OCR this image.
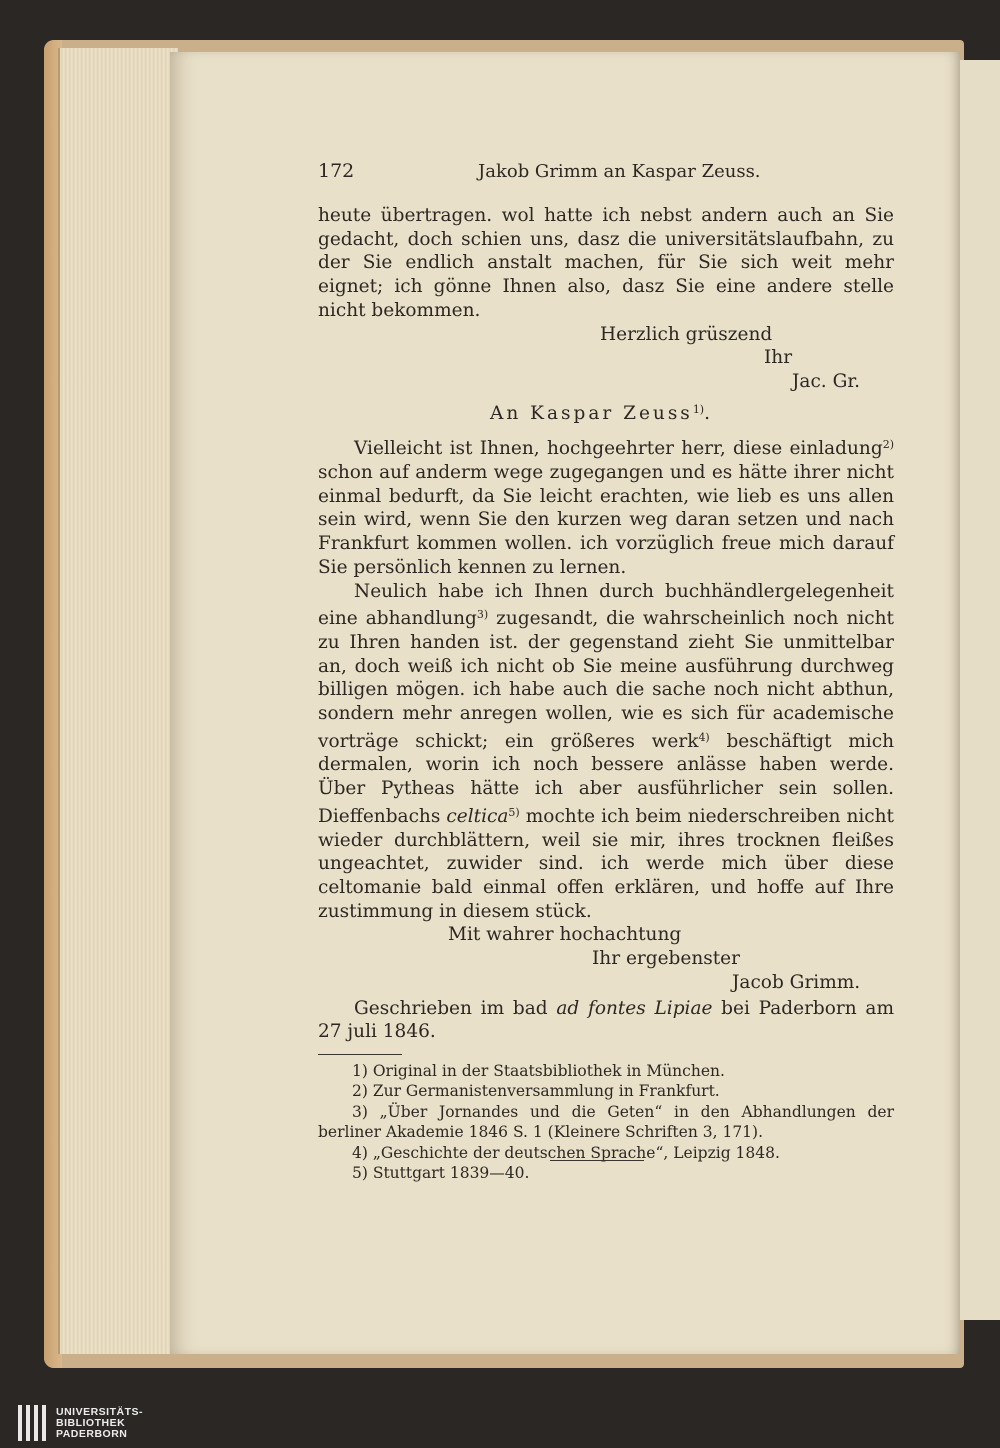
172	Jakob Grimm an Kaspar Zeuss.

heute übertragen. wol hatte ich nebst andern auch an Sie gedacht, doch schien uns, dasz die universitätslaufbahn, zu der Sie endlich anstalt machen, für Sie sich weit mehr eignet; ich gönne Ihnen also, dasz Sie eine andere stelle nicht bekommen.

Herzlich grüszend

Ihr

Jac. Gr.

An Kaspar Zeuss$^{1)}$.

Vielleicht ist Ihnen, hochgeehrter herr, diese einladung$^{2)}$ schon auf anderm wege zugegangen und es hätte ihrer nicht einmal bedurft, da Sie leicht erachten, wie lieb es uns allen sein wird, wenn Sie den kurzen weg daran setzen und nach Frankfurt kommen wollen. ich vorzüglich freue mich darauf Sie persönlich kennen zu lernen.

Neulich habe ich Ihnen durch buchhändlergelegenheit eine abhandlung$^{3)}$ zugesandt, die wahrscheinlich noch nicht zu Ihren handen ist. der gegenstand zieht Sie unmittelbar an, doch weiß ich nicht ob Sie meine ausführung durchweg billigen mögen. ich habe auch die sache noch nicht abthun, sondern mehr anregen wollen, wie es sich für academische vorträge schickt; ein größeres werk$^{4)}$ beschäftigt mich dermalen, worin ich noch bessere anlässe haben werde. Über Pytheas hätte ich aber ausführlicher sein sollen. Dieffenbachs celtica$^{5)}$ mochte ich beim niederschreiben nicht wieder durchblättern, weil sie mir, ihres trocknen fleißes ungeachtet, zuwider sind. ich werde mich über diese celtomanie bald einmal offen erklären, und hoffe auf Ihre zustimmung in diesem stück.

Mit wahrer hochachtung

Ihr ergebenster

Jacob Grimm.

Geschrieben im bad ad fontes Lipiae bei Paderborn am 27 juli 1846.

1) Original in der Staatsbibliothek in München.

2) Zur Germanistenversammlung in Frankfurt.

3) „Über Jornandes und die Geten“ in den Abhandlungen der berliner Akademie 1846 S. 1 (Kleinere Schriften 3, 171).

4) „Geschichte der deutschen Sprache“, Leipzig 1848.

5) Stuttgart 1839—40.

UNIVERSITÄTS-
BIBLIOTHEK
PADERBORN
